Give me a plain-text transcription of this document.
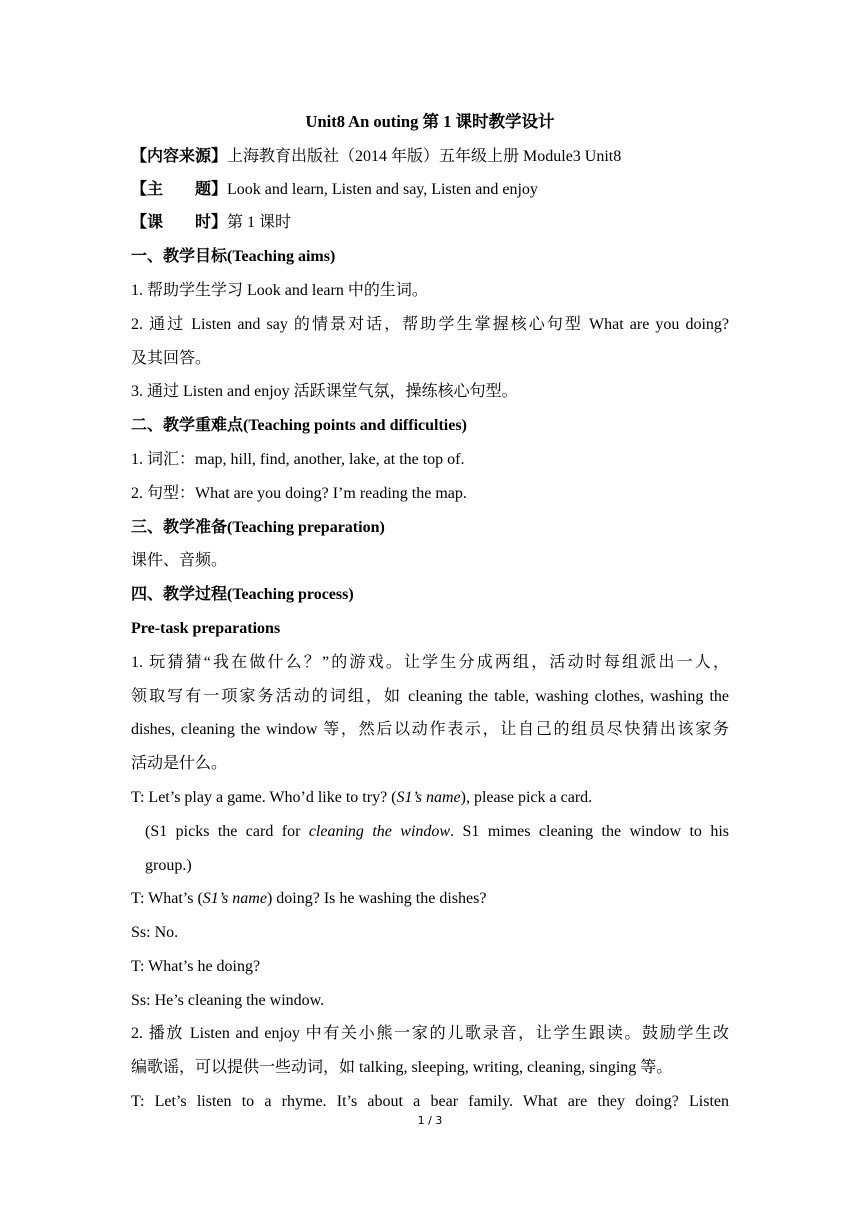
Unit8 An outing 第 1 课时教学设计
【内容来源】上海教育出版社（2014 年版）五年级上册 Module3 Unit8
【主　　题】Look and learn, Listen and say, Listen and enjoy
【课　　时】第 1 课时
一、教学目标(Teaching aims)
1. 帮助学生学习 Look and learn 中的生词。
2. 通过 Listen and say 的情景对话，帮助学生掌握核心句型 What are you doing?
及其回答。
3. 通过 Listen and enjoy 活跃课堂气氛，操练核心句型。
二、教学重难点(Teaching points and difficulties)
1. 词汇：map, hill, find, another, lake, at the top of.
2. 句型：What are you doing? I’m reading the map.
三、教学准备(Teaching preparation)
课件、音频。
四、教学过程(Teaching process)
Pre-task preparations
1. 玩猜猜“我在做什么？”的游戏。让学生分成两组，活动时每组派出一人，
领取写有一项家务活动的词组，如 cleaning the table, washing clothes, washing the
dishes, cleaning the window 等，然后以动作表示，让自己的组员尽快猜出该家务
活动是什么。
T: Let’s play a game. Who’d like to try? (S1’s name), please pick a card.
(S1 picks the card for cleaning the window. S1 mimes cleaning the window to his
group.)
T: What’s (S1’s name) doing? Is he washing the dishes?
Ss: No.
T: What’s he doing?
Ss: He’s cleaning the window.
2. 播放 Listen and enjoy 中有关小熊一家的儿歌录音，让学生跟读。鼓励学生改
编歌谣，可以提供一些动词，如 talking, sleeping, writing, cleaning, singing 等。
T: Let’s listen to a rhyme. It’s about a bear family. What are they doing? Listen
1 / 3
